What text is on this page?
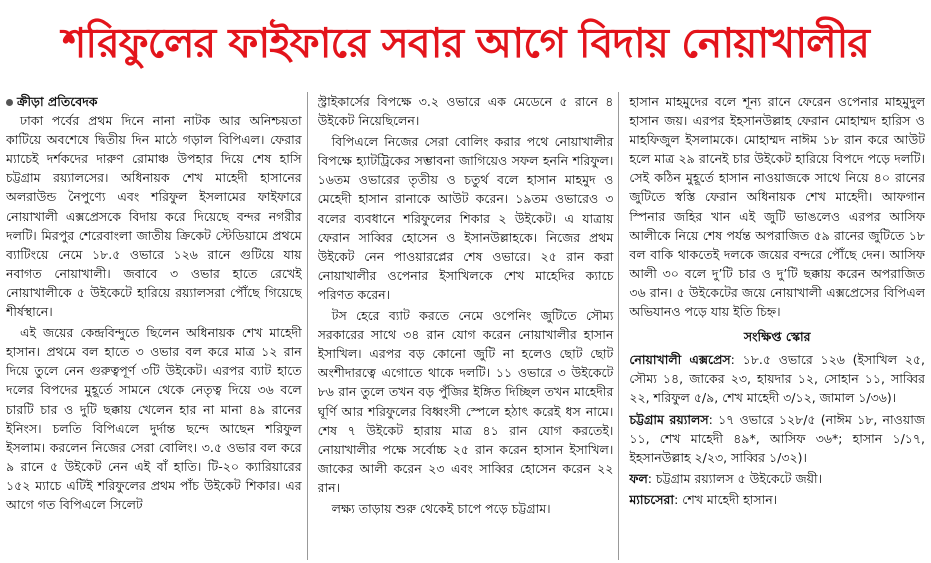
শরিফুলের ফাইফারে সবার আগে বিদায় নোয়াখালীর
ক্রীড়া প্রতিবেদক

ঢাকা পর্বের প্রথম দিনে নানা নাটক আর অনিশ্চয়তা কাটিয়ে অবশেষে দ্বিতীয় দিন মাঠে গড়াল বিপিএল। ফেরার ম্যাচেই দর্শকদের দারুণ রোমাঞ্চ উপহার দিয়ে শেষ হাসি চট্টগ্রাম রয়্যালসের। অধিনায়ক শেখ মাহেদী হাসানের অলরাউন্ড নৈপুণ্যে এবং শরিফুল ইসলামের ফাইফারে নোয়াখালী এক্সপ্রেসকে বিদায় করে দিয়েছে বন্দর নগরীর দলটি। মিরপুর শেরেবাংলা জাতীয় ক্রিকেট স্টেডিয়ামে প্রথমে ব্যাটিংয়ে নেমে ১৮.৫ ওভারে ১২৬ রানে গুটিয়ে যায় নবাগত নোয়াখালী। জবাবে ৩ ওভার হাতে রেখেই নোয়াখালীকে ৫ উইকেটে হারিয়ে রয়্যালসরা পৌঁছে গিয়েছে শীর্ষস্থানে।

এই জয়ের কেন্দ্রবিন্দুতে ছিলেন অধিনায়ক শেখ মাহেদী হাসান। প্রথমে বল হাতে ৩ ওভার বল করে মাত্র ১২ রান দিয়ে তুলে নেন গুরুত্বপূর্ণ ৩টি উইকেট। এরপর ব্যাট হাতে দলের বিপদের মুহূর্তে সামনে থেকে নেতৃত্ব দিয়ে ৩৬ বলে চারটি চার ও দুটি ছক্কায় খেলেন হার না মানা ৪৯ রানের ইনিংস। চলতি বিপিএলে দুর্দান্ত ছন্দে আছেন শরিফুল ইসলাম। করলেন নিজের সেরা বোলিং। ৩.৫ ওভার বল করে ৯ রানে ৫ উইকেট নেন এই বাঁ হাতি। টি-২০ ক্যারিয়ারের ১৫২ ম্যাচে এটিই শরিফুলের প্রথম পাঁচ উইকেট শিকার। এর আগে গত বিপিএলে সিলেট

স্ট্রাইকার্সের বিপক্ষে ৩.২ ওভারে এক মেডেনে ৫ রানে ৪ উইকেট নিয়েছিলেন।

বিপিএলে নিজের সেরা বোলিং করার পথে নোয়াখালীর বিপক্ষে হ্যাটট্রিকের সম্ভাবনা জাগিয়েও সফল হননি শরিফুল। ১৬তম ওভারের তৃতীয় ও চতুর্থ বলে হাসান মাহমুদ ও মেহেদী হাসান রানাকে আউট করেন। ১৯তম ওভারেও ৩ বলের ব্যবধানে শরিফুলের শিকার ২ উইকেট। এ যাত্রায় ফেরান সাব্বির হোসেন ও ইসানউল্লাহকে। নিজের প্রথম উইকেট নেন পাওয়ারপ্লের শেষ ওভারে। ২৫ রান করা নোয়াখালীর ওপেনার ইসাখিলকে শেখ মাহেদির ক্যাচে পরিণত করেন।

টস হেরে ব্যাট করতে নেমে ওপেনিং জুটিতে সৌম্য সরকারের সাথে ৩৪ রান যোগ করেন নোয়াখালীর হাসান ইসাখিল। এরপর বড় কোনো জুটি না হলেও ছোট ছোট অংশীদারত্বে এগোতে থাকে দলটি। ১১ ওভারে ৩ উইকেটে ৮৬ রান তুলে তখন বড় পুঁজির ইঙ্গিত দিচ্ছিল তখন মাহেদীর ঘূর্ণি আর শরিফুলের বিধ্বংসী স্পেলে হঠাৎ করেই ধস নামে। শেষ ৭ উইকেট হারায় মাত্র ৪১ রান যোগ করতেই। নোয়াখালীর পক্ষে সর্বোচ্চ ২৫ রান করেন হাসান ইসাখিল। জাকের আলী করেন ২৩ এবং সাব্বির হোসেন করেন ২২ রান।

লক্ষ্য তাড়ায় শুরু থেকেই চাপে পড়ে চট্টগ্রাম।

হাসান মাহমুদের বলে শূন্য রানে ফেরেন ওপেনার মাহমুদুল হাসান জয়। এরপর ইহসানউল্লাহ ফেরান মোহাম্মদ হারিস ও মাহফিজুল ইসলামকে। মোহাম্মদ নাঈম ১৮ রান করে আউট হলে মাত্র ২৯ রানেই চার উইকেট হারিয়ে বিপদে পড়ে দলটি। সেই কঠিন মুহূর্তে হাসান নাওয়াজকে সাথে নিয়ে ৪০ রানের জুটিতে স্বস্তি ফেরান অধিনায়ক শেখ মাহেদী। আফগান স্পিনার জহির খান এই জুটি ভাঙলেও এরপর আসিফ আলীকে নিয়ে শেষ পর্যন্ত অপরাজিত ৫৯ রানের জুটিতে ১৮ বল বাকি থাকতেই দলকে জয়ের বন্দরে পৌঁছে দেন। আসিফ আলী ৩০ বলে দু’টি চার ও দু’টি ছক্কায় করেন অপরাজিত ৩৬ রান। ৫ উইকেটের জয়ে নোয়াখালী এক্সপ্রেসের বিপিএল অভিযানও পড়ে যায় ইতি চিহ্ন।

সংক্ষিপ্ত স্কোর

নোয়াখালী এক্সপ্রেস: ১৮.৫ ওভারে ১২৬ (ইসাখিল ২৫, সৌম্য ১৪, জাকের ২৩, হায়দার ১২, সোহান ১১, সাব্বির ২২, শরিফুল ৫/৯, শেখ মাহেদী ৩/১২, জামাল ১/৩৬)।

চট্টগ্রাম রয়্যালস: ১৭ ওভারে ১২৮/৫ (নাঈম ১৮, নাওয়াজ ১১, শেখ মাহেদী ৪৯*, আসিফ ৩৬*; হাসান ১/১৭, ইহসানউল্লাহ ২/২৩, সাব্বির ১/৩২)।

ফল: চট্টগ্রাম রয়্যালস ৫ উইকেটে জয়ী।

ম্যাচসেরা: শেখ মাহেদী হাসান।
